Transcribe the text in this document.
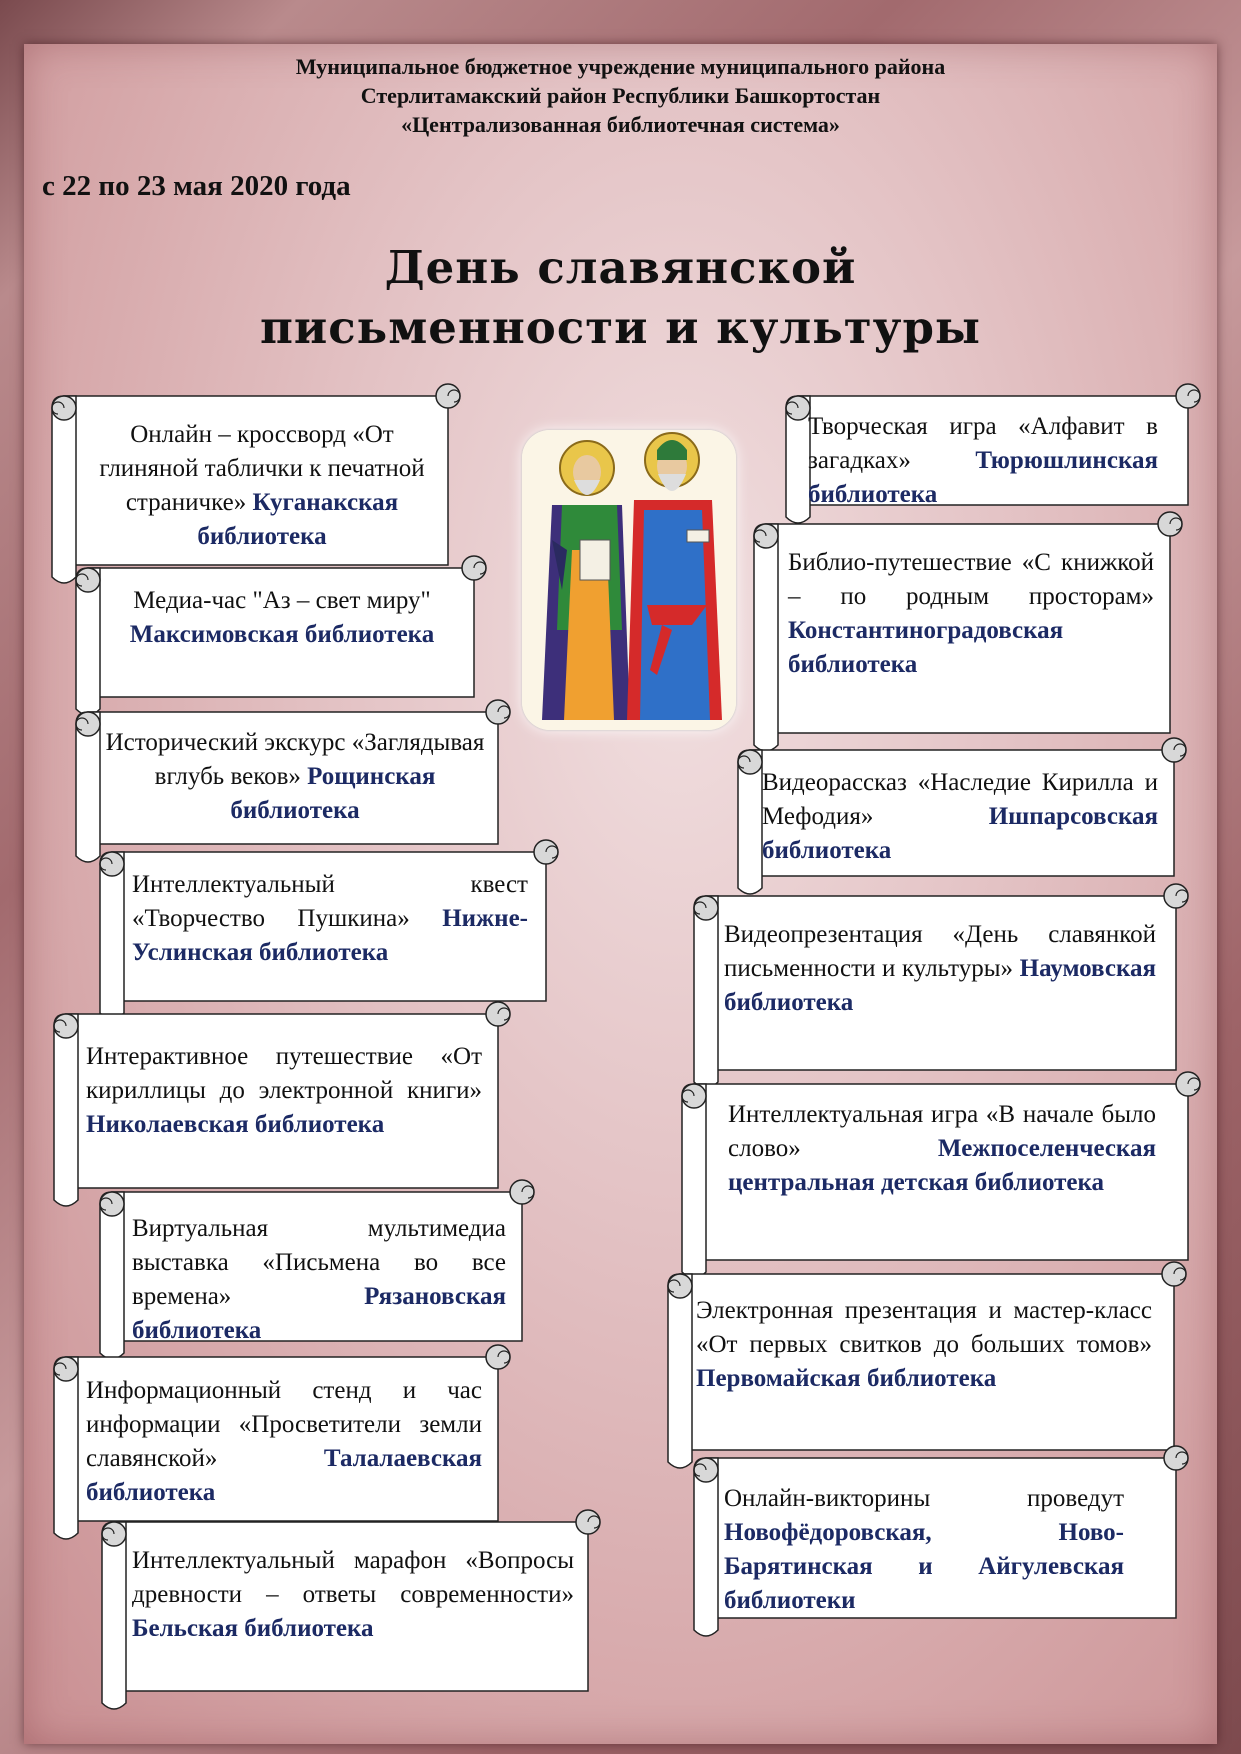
Муниципальное бюджетное учреждение муниципального района
Стерлитамакский район Республики Башкортостан
«Централизованная библиотечная система»
с 22 по 23 мая 2020 года
День славянской
письменности и культуры
Онлайн – кроссворд «От глиняной таблички к печатной страничке» Куганакская библиотека
Медиа-час "Аз – свет миру" Максимовская библиотека
Исторический экскурс «Заглядывая вглубь веков» Рощинская библиотека
Интеллектуальный квест «Творчество Пушкина» Нижне-Услинская библиотека
Интерактивное путешествие «От кириллицы до электронной книги» Николаевская библиотека
Виртуальная мультимедиа выставка «Письмена во все времена»	Рязановская библиотека
Информационный стенд и час информации «Просветители земли славянской»	Талалаевская библиотека
Интеллектуальный марафон «Вопросы древности – ответы современности» Бельская библиотека
Творческая игра «Алфавит в загадках»	Тюрюшлинская библиотека
Библио-путешествие «С книжкой – по родным просторам» Константиноградовская библиотека
Видеорассказ «Наследие Кирилла и Мефодия»	Ишпарсовская библиотека
Видеопрезентация «День славянкой письменности и культуры» Наумовская библиотека
Интеллектуальная игра «В начале было слово»	Межпоселенческая центральная детская библиотека
Электронная презентация и мастер-класс «От первых свитков до больших томов» Первомайская библиотека
Онлайн-викторины проведут Новофёдоровская, Ново-Барятинская и Айгулевская библиотеки
